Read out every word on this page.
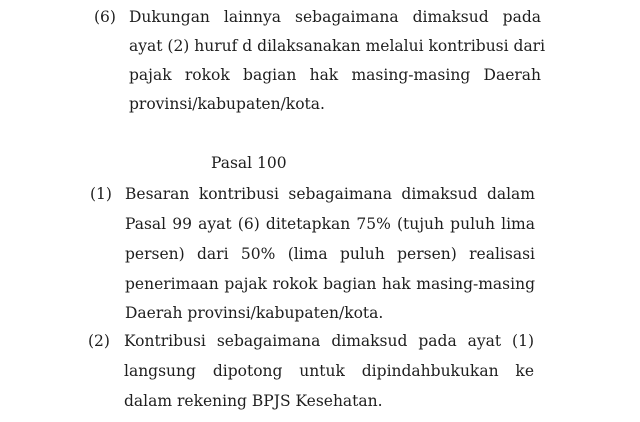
(6) Dukungan lainnya sebagaimana dimaksud pada
ayat (2) huruf d dilaksanakan melalui kontribusi dari
pajak rokok bagian hak masing-masing Daerah
provinsi/kabupaten/kota.
Pasal 100
(1) Besaran kontribusi sebagaimana dimaksud dalam
Pasal 99 ayat (6) ditetapkan 75% (tujuh puluh lima
persen) dari 50% (lima puluh persen) realisasi
penerimaan pajak rokok bagian hak masing-masing
Daerah provinsi/kabupaten/kota.
(2) Kontribusi sebagaimana dimaksud pada ayat (1)
langsung dipotong untuk dipindahbukukan ke
dalam rekening BPJS Kesehatan.
